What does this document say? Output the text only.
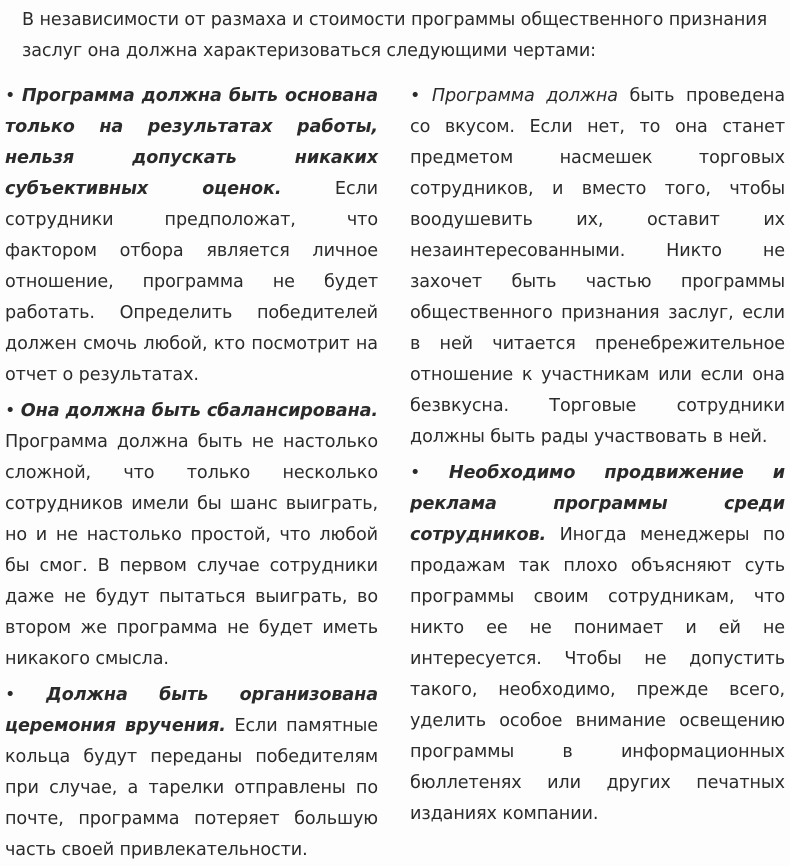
В независимости от размаха и стоимости программы общественного признания заслуг она должна характеризоваться следующими чертами:

• Программа должна быть основана только на результатах работы, нельзя допускать никаких субъективных оценок. Если сотрудники предположат, что фактором отбора является личное отношение, программа не будет работать. Определить победителей должен смочь любой, кто посмотрит на отчет о результатах.

• Она должна быть сбалансирована. Программа должна быть не настолько сложной, что только несколько сотрудников имели бы шанс выиграть, но и не настолько простой, что любой бы смог. В первом случае сотрудники даже не будут пытаться выиграть, во втором же программа не будет иметь никакого смысла.

• Должна быть организована церемония вручения. Если памятные кольца будут переданы победителям при случае, а тарелки отправлены по почте, программа потеряет большую часть своей привлекательности.

• Программа должна быть проведена со вкусом. Если нет, то она станет предметом насмешек торговых сотрудников, и вместо того, чтобы воодушевить их, оставит их незаинтересованными. Никто не захочет быть частью программы общественного признания заслуг, если в ней читается пренебрежительное отношение к участникам или если она безвкусна. Торговые сотрудники должны быть рады участвовать в ней.

• Необходимо продвижение и реклама программы среди сотрудников. Иногда менеджеры по продажам так плохо объясняют суть программы своим сотрудникам, что никто ее не понимает и ей не интересуется. Чтобы не допустить такого, необходимо, прежде всего, уделить особое внимание освещению программы в информационных бюллетенях или других печатных изданиях компании.
